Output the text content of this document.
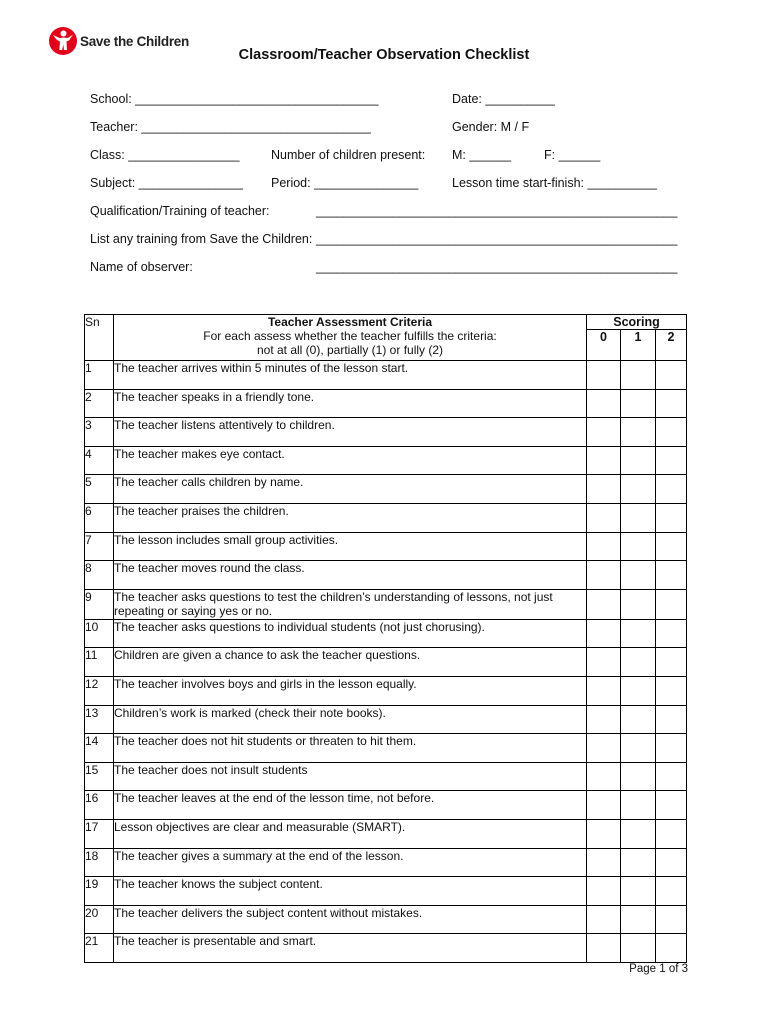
Save the Children
Classroom/Teacher Observation Checklist
School: ___________________________________	Date: __________
Teacher: _________________________________	Gender: M / F
Class: ________________	Number of children present: M: ______	F: ______
Subject: _______________ Period: _______________	Lesson time start-finish: __________
Qualification/Training of teacher:	____________________________________________________
List any training from Save the Children: ____________________________________________________
Name of observer:	____________________________________________________
Sn	Teacher Assessment Criteria
For each assess whether the teacher fulfills the criteria:
not at all (0), partially (1) or fully (2)	Scoring		
		0	1	2
1	The teacher arrives within 5 minutes of the lesson start.			
2	The teacher speaks in a friendly tone.			
3	The teacher listens attentively to children.			
4	The teacher makes eye contact.			
5	The teacher calls children by name.			
6	The teacher praises the children.			
7	The lesson includes small group activities.			
8	The teacher moves round the class.			
9	The teacher asks questions to test the children’s understanding of lessons, not just repeating or saying yes or no.			
10	The teacher asks questions to individual students (not just chorusing).			
11	Children are given a chance to ask the teacher questions.			
12	The teacher involves boys and girls in the lesson equally.			
13	Children’s work is marked (check their note books).			
14	The teacher does not hit students or threaten to hit them.			
15	The teacher does not insult students			
16	The teacher leaves at the end of the lesson time, not before.			
17	Lesson objectives are clear and measurable (SMART).			
18	The teacher gives a summary at the end of the lesson.			
19	The teacher knows the subject content.			
20	The teacher delivers the subject content without mistakes.			
21	The teacher is presentable and smart.			
Page 1 of 3
